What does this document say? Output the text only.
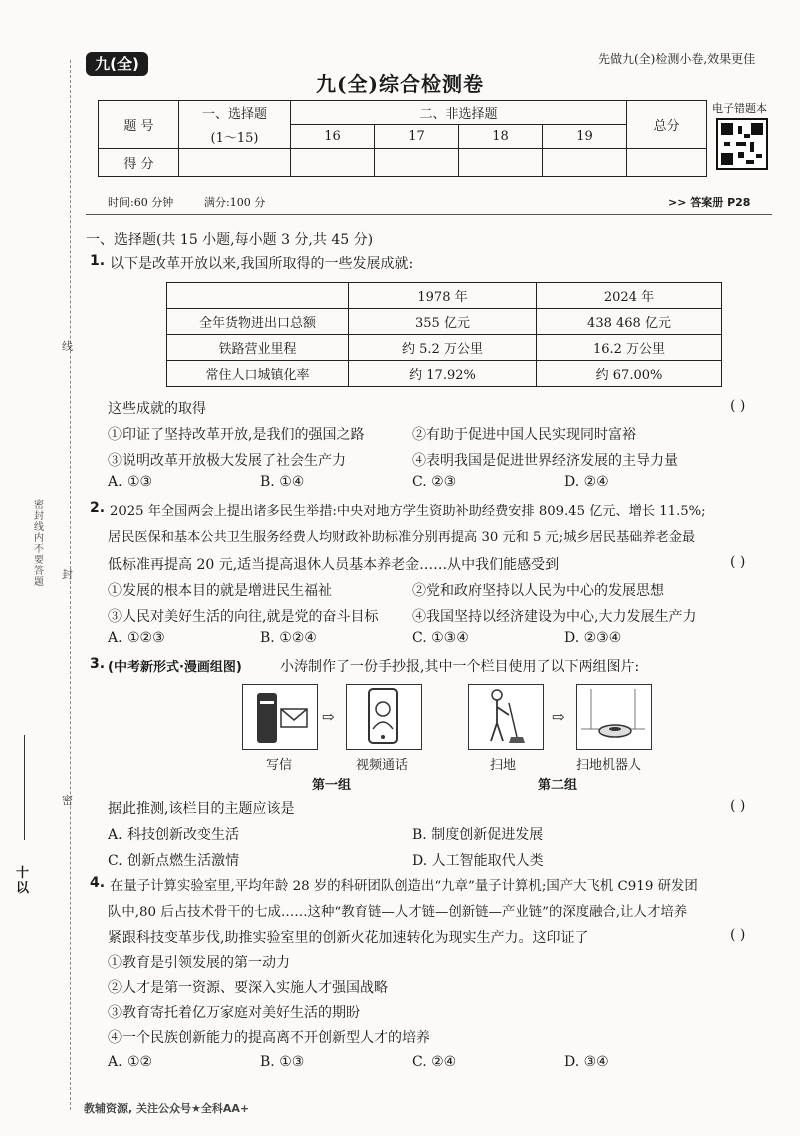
密封线内不要答题
线
封
密
十 以
九(全)	先做九(全)检测小卷,效果更佳
九(全)综合检测卷
题 号	一、选择题	二、非选择题				总分
	(1～15)	16	17	18	19	
得 分						
电子错题本
时间:60 分钟	满分:100 分	>> 答案册 P28
一、选择题(共 15 小题,每小题 3 分,共 45 分)
1. 以下是改革开放以来,我国所取得的一些发展成就:
	1978 年	2024 年
全年货物进出口总额	355 亿元	438 468 亿元
铁路营业里程	约 5.2 万公里	16.2 万公里
常住人口城镇化率	约 17.92%	约 67.00%
这些成就的取得	( )
①印证了坚持改革开放,是我们的强国之路	②有助于促进中国人民实现同时富裕
③说明改革开放极大发展了社会生产力	④表明我国是促进世界经济发展的主导力量
A. ①③	B. ①④	C. ②③	D. ②④
2. 2025 年全国两会上提出诸多民生举措:中央对地方学生资助补助经费安排 809.45 亿元、增长 11.5%;
居民医保和基本公共卫生服务经费人均财政补助标准分别再提高 30 元和 5 元;城乡居民基础养老金最
低标准再提高 20 元,适当提高退休人员基本养老金……从中我们能感受到	( )
①发展的根本目的就是增进民生福祉	②党和政府坚持以人民为中心的发展思想
③人民对美好生活的向往,就是党的奋斗目标 ④我国坚持以经济建设为中心,大力发展生产力
A. ①②③	B. ①②④	C. ①③④	D. ②③④
3. (中考新形式·漫画组图)	小涛制作了一份手抄报,其中一个栏目使用了以下两组图片:
⇨	⇨
写信	视频通话	扫地	扫地机器人
第一组	第二组
据此推测,该栏目的主题应该是	( )
A. 科技创新改变生活	B. 制度创新促进发展
C. 创新点燃生活激情	D. 人工智能取代人类
4. 在量子计算实验室里,平均年龄 28 岁的科研团队创造出“九章”量子计算机;国产大飞机 C919 研发团
队中,80 后占技术骨干的七成……这种“教育链—人才链—创新链—产业链”的深度融合,让人才培养
紧跟科技变革步伐,助推实验室里的创新火花加速转化为现实生产力。这印证了	( )
①教育是引领发展的第一动力
②人才是第一资源、要深入实施人才强国战略
③教育寄托着亿万家庭对美好生活的期盼
④一个民族创新能力的提高离不开创新型人才的培养
A. ①②	B. ①③	C. ②④	D. ③④
教辅资源, 关注公众号★全科AA+
